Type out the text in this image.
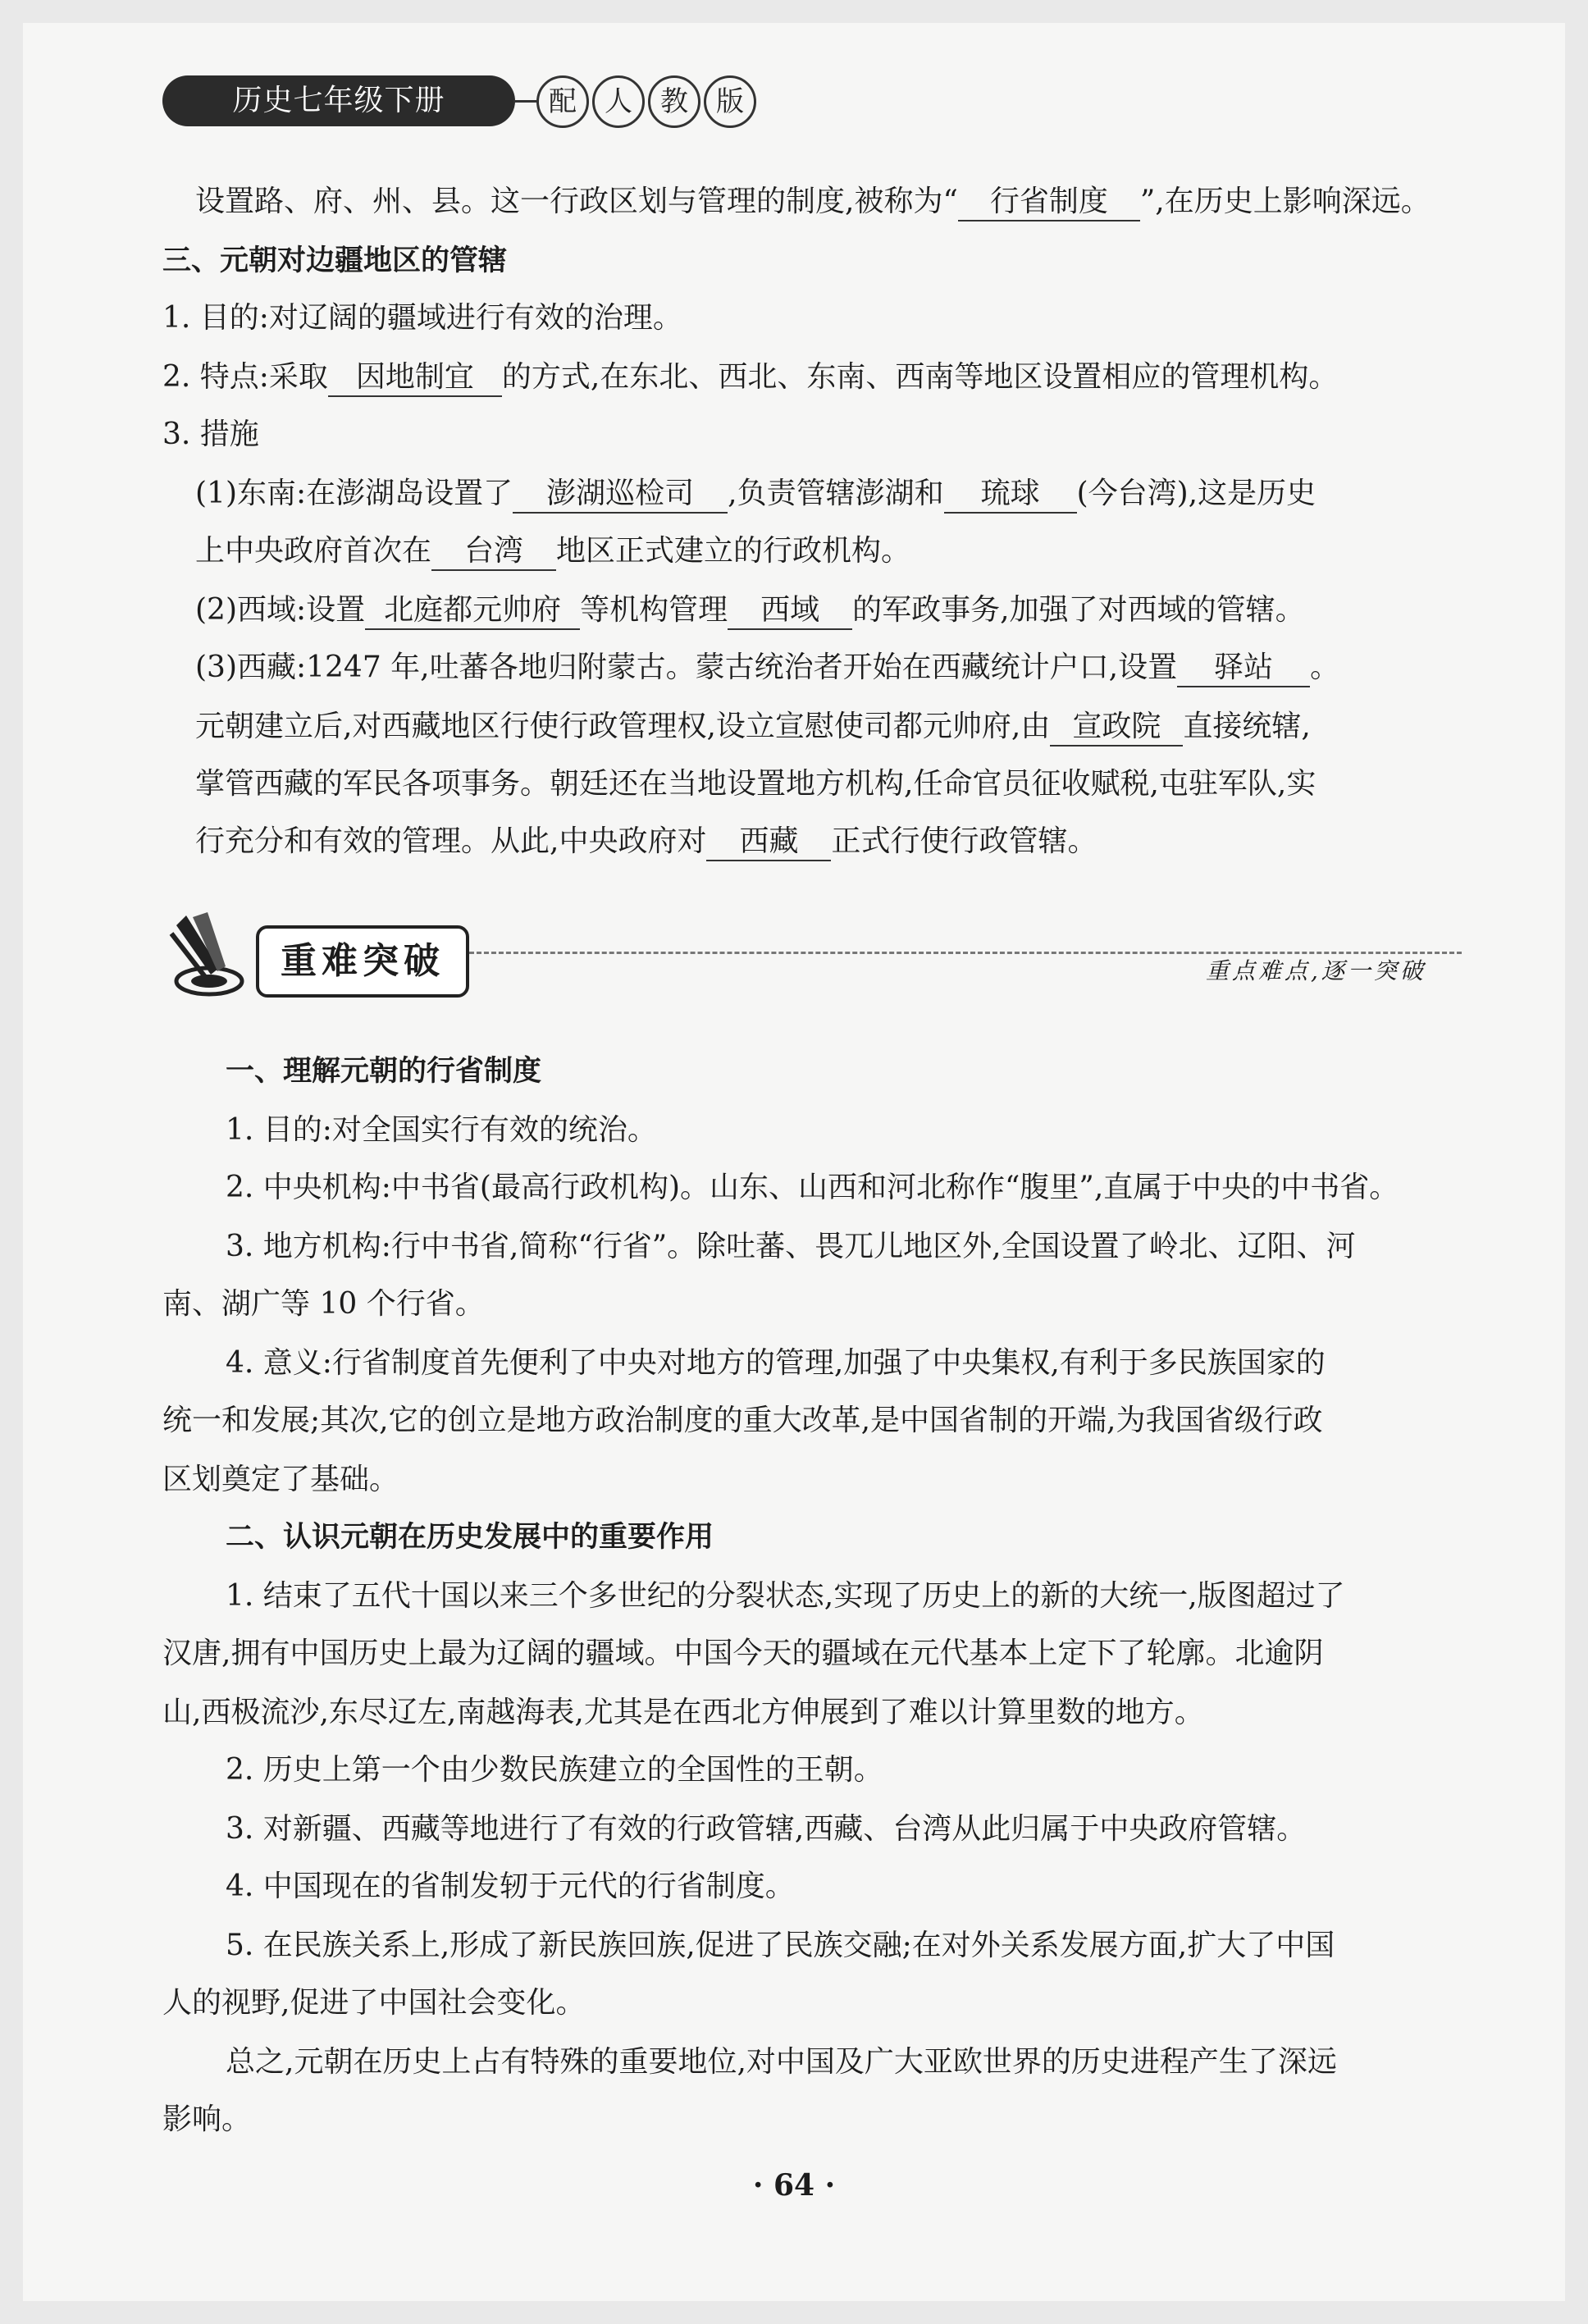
历史七年级下册	配	人	教	版
设置路、府、州、县。这一行政区划与管理的制度,被称为“ 行省制度 ”,在历史上影响深远。
三、元朝对边疆地区的管辖
1. 目的:对辽阔的疆域进行有效的治理。
2. 特点:采取 因地制宜 的方式,在东北、西北、东南、西南等地区设置相应的管理机构。
3. 措施
(1)东南:在澎湖岛设置了 澎湖巡检司 ,负责管辖澎湖和 琉球 (今台湾),这是历史
上中央政府首次在 台湾 地区正式建立的行政机构。
(2)西域:设置 北庭都元帅府 等机构管理 西域 的军政事务,加强了对西域的管辖。
(3)西藏:1247 年,吐蕃各地归附蒙古。蒙古统治者开始在西藏统计户口,设置 驿站 。
元朝建立后,对西藏地区行使行政管理权,设立宣慰使司都元帅府,由 宣政院 直接统辖,
掌管西藏的军民各项事务。朝廷还在当地设置地方机构,任命官员征收赋税,屯驻军队,实
行充分和有效的管理。从此,中央政府对 西藏 正式行使行政管辖。
重难突破	重点难点,逐一突破
一、理解元朝的行省制度
1. 目的:对全国实行有效的统治。
2. 中央机构:中书省(最高行政机构)。山东、山西和河北称作“腹里”,直属于中央的中书省。
3. 地方机构:行中书省,简称“行省”。除吐蕃、畏兀儿地区外,全国设置了岭北、辽阳、河
南、湖广等 10 个行省。
4. 意义:行省制度首先便利了中央对地方的管理,加强了中央集权,有利于多民族国家的
统一和发展;其次,它的创立是地方政治制度的重大改革,是中国省制的开端,为我国省级行政
区划奠定了基础。
二、认识元朝在历史发展中的重要作用
1. 结束了五代十国以来三个多世纪的分裂状态,实现了历史上的新的大统一,版图超过了
汉唐,拥有中国历史上最为辽阔的疆域。中国今天的疆域在元代基本上定下了轮廓。北逾阴
山,西极流沙,东尽辽左,南越海表,尤其是在西北方伸展到了难以计算里数的地方。
2. 历史上第一个由少数民族建立的全国性的王朝。
3. 对新疆、西藏等地进行了有效的行政管辖,西藏、台湾从此归属于中央政府管辖。
4. 中国现在的省制发轫于元代的行省制度。
5. 在民族关系上,形成了新民族回族,促进了民族交融;在对外关系发展方面,扩大了中国
人的视野,促进了中国社会变化。
总之,元朝在历史上占有特殊的重要地位,对中国及广大亚欧世界的历史进程产生了深远
影响。
· 64 ·
